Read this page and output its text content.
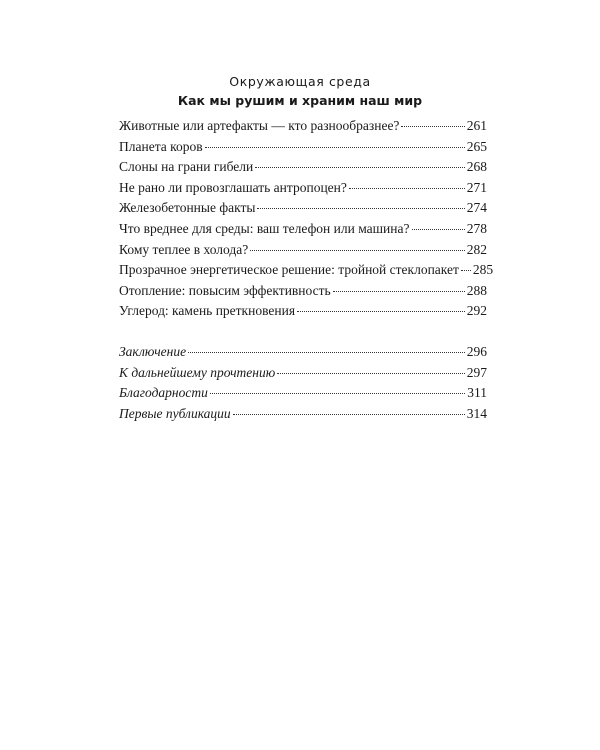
Окружающая среда
Как мы рушим и храним наш мир
Животные или артефакты — кто разнообразнее?	261
Планета коров	265
Слоны на грани гибели	268
Не рано ли провозглашать антропоцен?	271
Железобетонные факты	274
Что вреднее для среды: ваш телефон или машина?	278
Кому теплее в холода?	282
Прозрачное энергетическое решение: тройной стеклопакет 285
Отопление: повысим эффективность	288
Углерод: камень преткновения	292
Заключение	296
К дальнейшему прочтению	297
Благодарности	311
Первые публикации	314
